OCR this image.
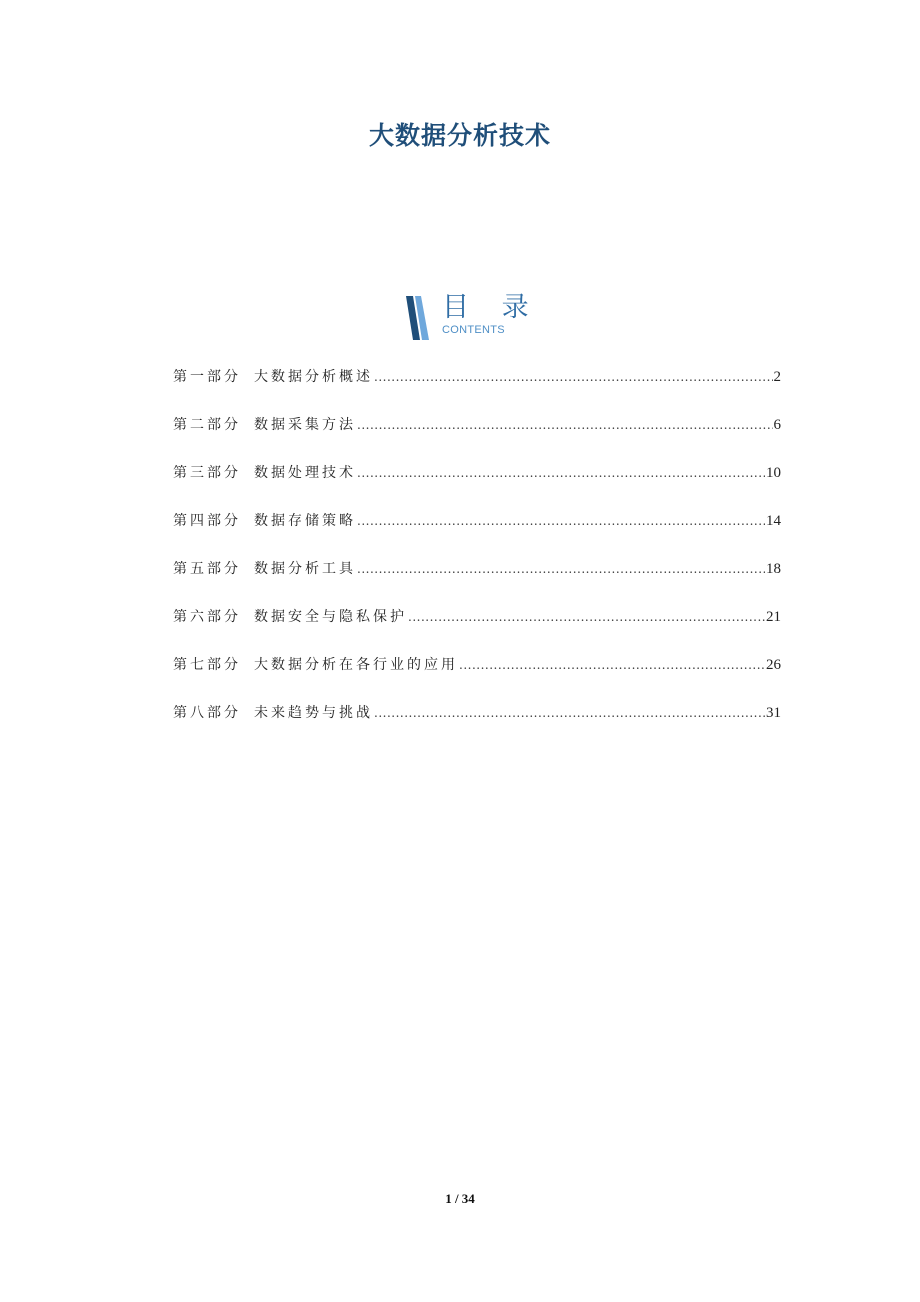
大数据分析技术
目 录
CONTENTS
第一部分 大数据分析概述 .....	2
第二部分 数据采集方法 .....	6
第三部分 数据处理技术 .....	10
第四部分 数据存储策略 .....	14
第五部分 数据分析工具 .....	18
第六部分 数据安全与隐私保护 .....	21
第七部分 大数据分析在各行业的应用 .....	26
第八部分 未来趋势与挑战 .....	31
1 / 34
